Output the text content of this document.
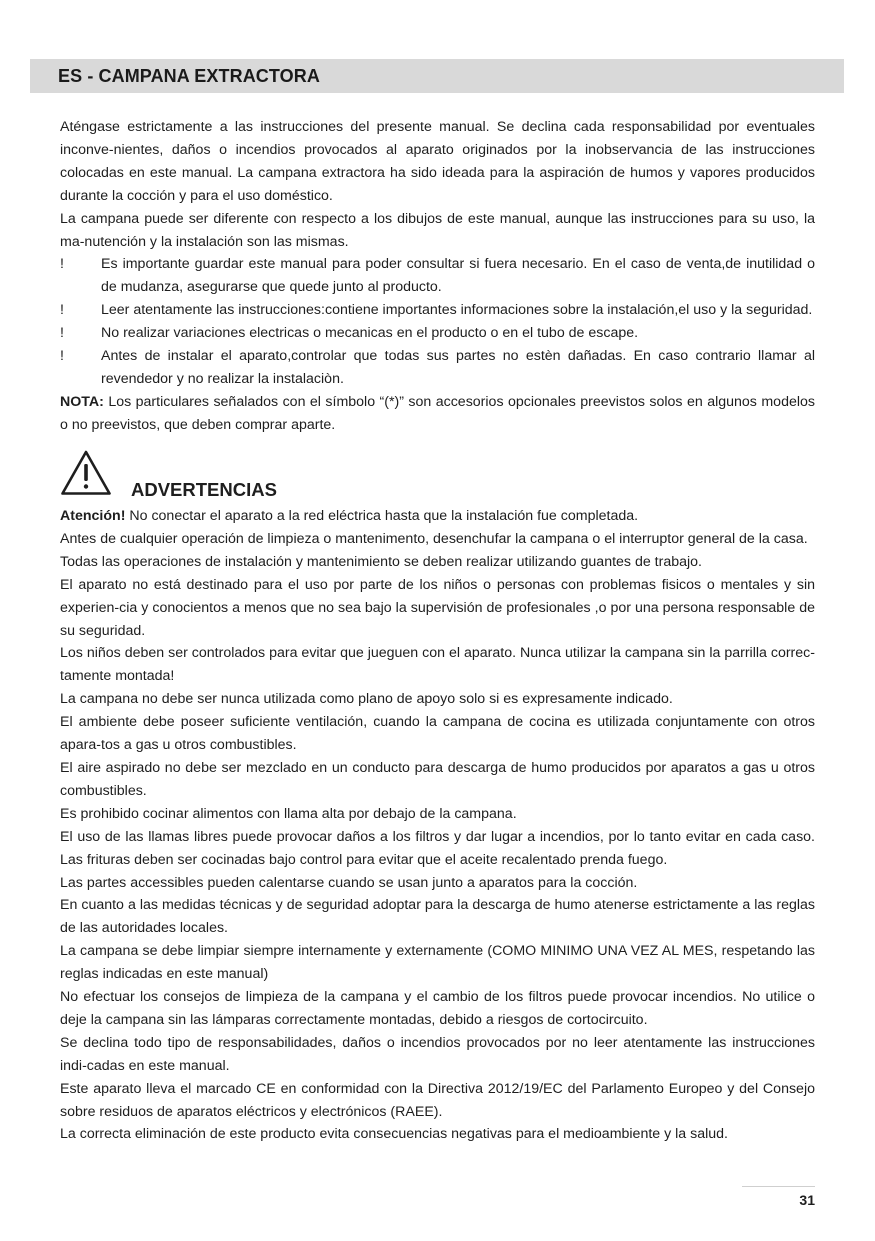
ES - CAMPANA EXTRACTORA

Aténgase estrictamente a las instrucciones del presente manual. Se declina cada responsabilidad por eventuales inconve-nientes, daños o incendios provocados al aparato originados por la inobservancia de las instrucciones colocadas en este manual. La campana extractora ha sido ideada para la aspiración de humos y vapores producidos durante la cocción y para el uso doméstico.

La campana puede ser diferente con respecto a los dibujos de este manual, aunque las instrucciones para su uso, la ma-nutención y la instalación son las mismas.

!	Es importante guardar este manual para poder consultar si fuera necesario. En el caso de venta,de inutilidad o de mudanza, asegurarse que quede junto al producto.
!	Leer atentamente las instrucciones:contiene importantes informaciones sobre la instalación,el uso y la seguridad.
!	No realizar variaciones electricas o mecanicas en el producto o en el tubo de escape.
!	Antes de instalar el aparato,controlar que todas sus partes no estèn dañadas. En caso contrario llamar al revendedor y no realizar la instalaciòn.

NOTA: Los particulares señalados con el símbolo “(*)” son accesorios opcionales preevistos solos en algunos modelos o no preevistos, que deben comprar aparte.

ADVERTENCIAS

Atención! No conectar el aparato a la red eléctrica hasta que la instalación fue completada.

Antes de cualquier operación de limpieza o mantenimento, desenchufar la campana o el interruptor general de la casa.

Todas las operaciones de instalación y mantenimiento se deben realizar utilizando guantes de trabajo.

El aparato no está destinado para el uso por parte de los niños o personas con problemas fisicos o mentales y sin experien-cia y conocientos a menos que no sea bajo la supervisión de profesionales ,o por una persona responsable de su seguridad.

Los niños deben ser controlados para evitar que jueguen con el aparato. Nunca utilizar la campana sin la parrilla correc-tamente montada!

La campana no debe ser nunca utilizada como plano de apoyo solo si es expresamente indicado.

El ambiente debe poseer suficiente ventilación, cuando la campana de cocina es utilizada conjuntamente con otros apara-tos a gas u otros combustibles.

El aire aspirado no debe ser mezclado en un conducto para descarga de humo producidos por aparatos a gas u otros combustibles.

Es prohibido cocinar alimentos con llama alta por debajo de la campana.

El uso de las llamas libres puede provocar daños a los filtros y dar lugar a incendios, por lo tanto evitar en cada caso. Las frituras deben ser cocinadas bajo control para evitar que el aceite recalentado prenda fuego.

Las partes accessibles pueden calentarse cuando se usan junto a aparatos para la cocción.

En cuanto a las medidas técnicas y de seguridad adoptar para la descarga de humo atenerse estrictamente a las reglas de las autoridades locales.

La campana se debe limpiar siempre internamente y externamente (COMO MINIMO UNA VEZ AL MES, respetando las reglas indicadas en este manual)

No efectuar los consejos de limpieza de la campana y el cambio de los filtros puede provocar incendios. No utilice o deje la campana sin las lámparas correctamente montadas, debido a riesgos de cortocircuito.

Se declina todo tipo de responsabilidades, daños o incendios provocados por no leer atentamente las instrucciones indi-cadas en este manual.

Este aparato lleva el marcado CE en conformidad con la Directiva 2012/19/EC del Parlamento Europeo y del Consejo sobre residuos de aparatos eléctricos y electrónicos (RAEE).

La correcta eliminación de este producto evita consecuencias negativas para el medioambiente y la salud.

31
